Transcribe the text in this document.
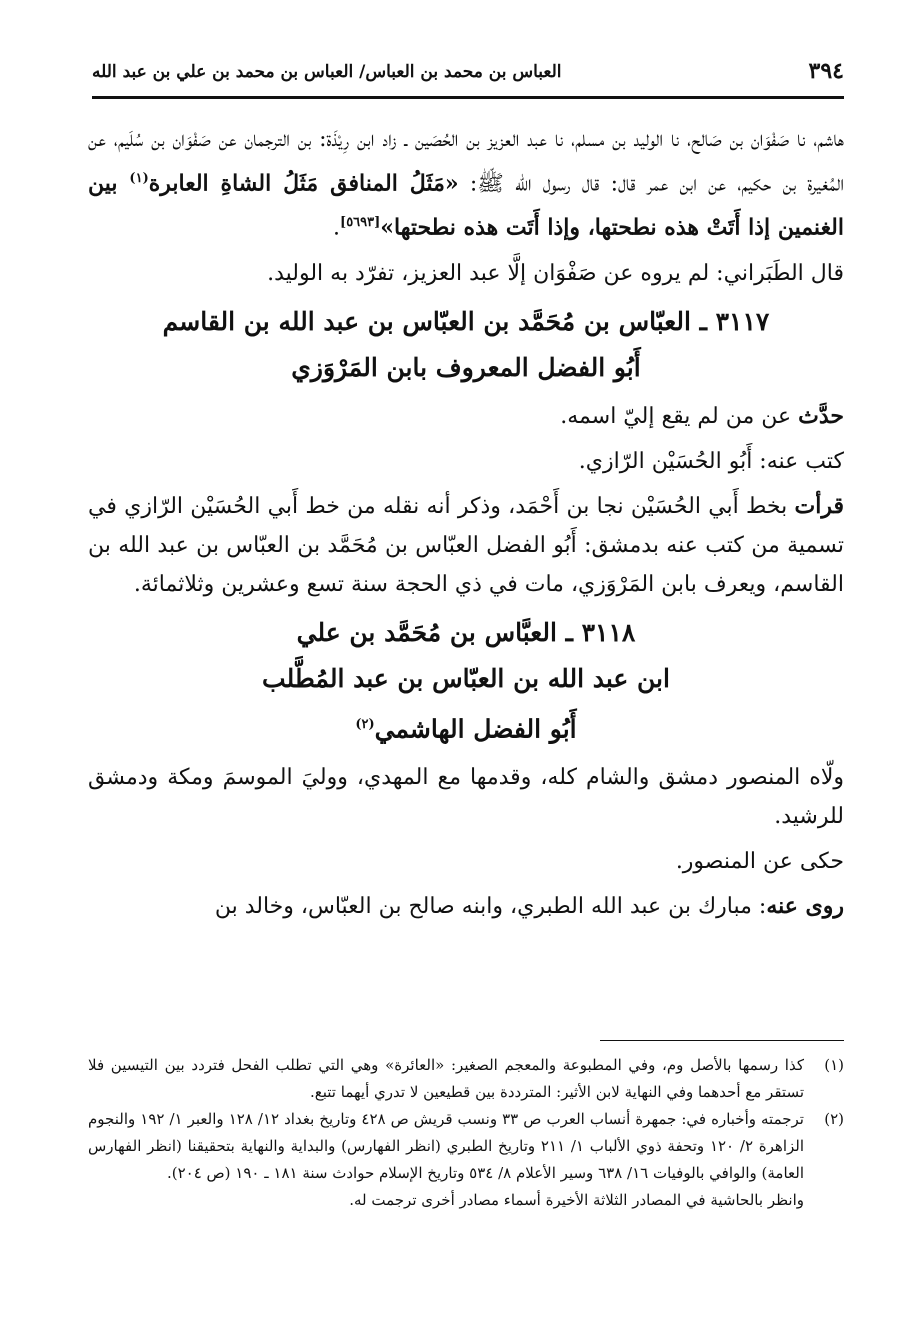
٣٩٤
العباس بن محمد بن العباس/ العباس بن محمد بن علي بن عبد الله

هاشم، نا صَفْوَان بن صَالح، نا الوليد بن مسلم، نا عبد العزيز بن الحُصَين ـ زاد ابن رِيْذَة: بن الترجمان عن صَفْوَان بن سُلَيم، عن المُغيرة بن حكيم، عن ابن عمر قال: قال رسول الله ﷺ: «مَثَلُ المنافق مَثَلُ الشاةِ العابرة$^{(١)}$ بين الغنمين إذا أَتَتْ هذه نطحتها، وإذا أَتَت هذه نطحتها»[٥٦٩٣].

قال الطَبَراني: لم يروه عن صَفْوَان إلَّا عبد العزيز، تفرّد به الوليد.

٣١١٧ ـ العبّاس بن مُحَمَّد بن العبّاس بن عبد الله بن القاسم

أَبُو الفضل المعروف بابن المَرْوَزي

حدَّث عن من لم يقع إليّ اسمه.

كتب عنه: أَبُو الحُسَيْن الرّازي.

قرأت بخط أَبي الحُسَيْن نجا بن أَحْمَد، وذكر أنه نقله من خط أَبي الحُسَيْن الرّازي في تسمية من كتب عنه بدمشق: أَبُو الفضل العبّاس بن مُحَمَّد بن العبّاس بن عبد الله بن القاسم، ويعرف بابن المَرْوَزي، مات في ذي الحجة سنة تسع وعشرين وثلاثمائة.

٣١١٨ ـ العبَّاس بن مُحَمَّد بن علي

ابن عبد الله بن العبّاس بن عبد المُطَّلب

أَبُو الفضل الهاشمي$^{(٢)}$

ولّاه المنصور دمشق والشام كله، وقدمها مع المهدي، ووليَ الموسمَ ومكة ودمشق للرشيد.

حكى عن المنصور.

روى عنه: مبارك بن عبد الله الطبري، وابنه صالح بن العبّاس، وخالد بن

(١)
كذا رسمها بالأصل وم، وفي المطبوعة والمعجم الصغير: «العائرة» وهي التي تطلب الفحل فتردد بين التيسين فلا تستقر مع أحدهما وفي النهاية لابن الأثير: المترددة بين قطيعين لا تدري أيهما تتبع.
(٢)
ترجمته وأخباره في: جمهرة أنساب العرب ص ٣٣ ونسب قريش ص ٤٢٨ وتاريخ بغداد ١٢/ ١٢٨ والعبر ١/ ١٩٢ والنجوم الزاهرة ٢/ ١٢٠ وتحفة ذوي الألباب ١/ ٢١١ وتاريخ الطبري (انظر الفهارس) والبداية والنهاية بتحقيقنا (انظر الفهارس العامة) والوافي بالوفيات ١٦/ ٦٣٨ وسير الأعلام ٨/ ٥٣٤ وتاريخ الإسلام حوادث سنة ١٨١ ـ ١٩٠ (ص ٢٠٤).

وانظر بالحاشية في المصادر الثلاثة الأخيرة أسماء مصادر أخرى ترجمت له.
